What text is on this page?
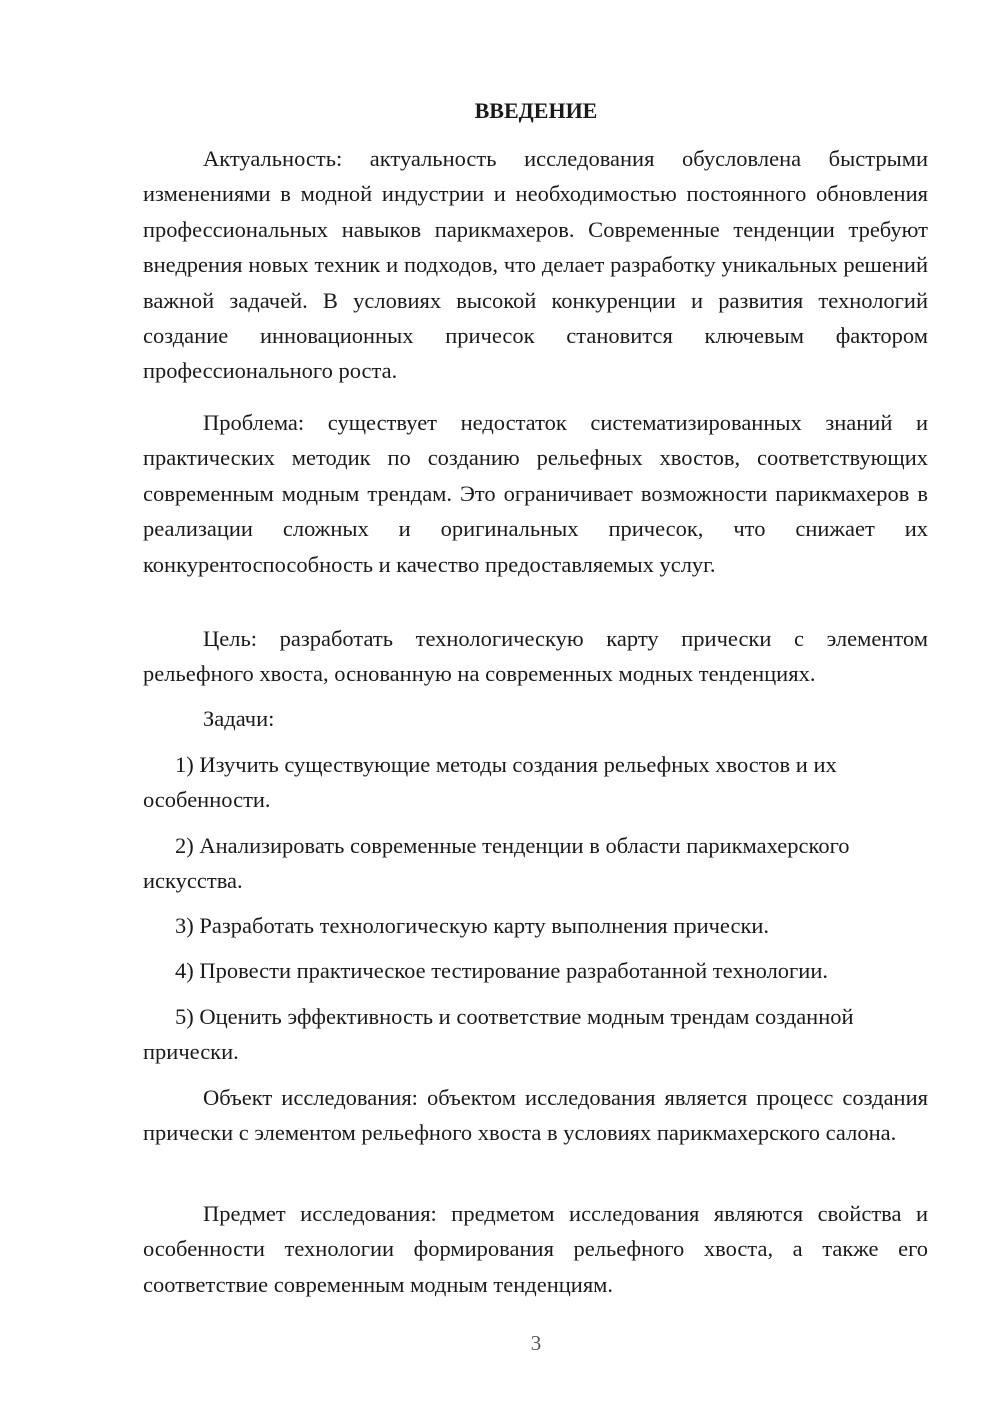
ВВЕДЕНИЕ

Актуальность: актуальность исследования обусловлена быстрыми изменениями в модной индустрии и необходимостью постоянного обновления профессиональных навыков парикмахеров. Современные тенденции требуют внедрения новых техник и подходов, что делает разработку уникальных решений важной задачей. В условиях высокой конкуренции и развития технологий создание инновационных причесок становится ключевым фактором профессионального роста.

Проблема: существует недостаток систематизированных знаний и практических методик по созданию рельефных хвостов, соответствующих современным модным трендам. Это ограничивает возможности парикмахеров в реализации сложных и оригинальных причесок, что снижает их конкурентоспособность и качество предоставляемых услуг.

Цель: разработать технологическую карту прически с элементом рельефного хвоста, основанную на современных модных тенденциях.

Задачи:

1) Изучить существующие методы создания рельефных хвостов и их особенности.

2) Анализировать современные тенденции в области парикмахерского искусства.

3) Разработать технологическую карту выполнения прически.

4) Провести практическое тестирование разработанной технологии.

5) Оценить эффективность и соответствие модным трендам созданной прически.

Объект исследования: объектом исследования является процесс создания прически с элементом рельефного хвоста в условиях парикмахерского салона.

Предмет исследования: предметом исследования являются свойства и особенности технологии формирования рельефного хвоста, а также его соответствие современным модным тенденциям.

3
